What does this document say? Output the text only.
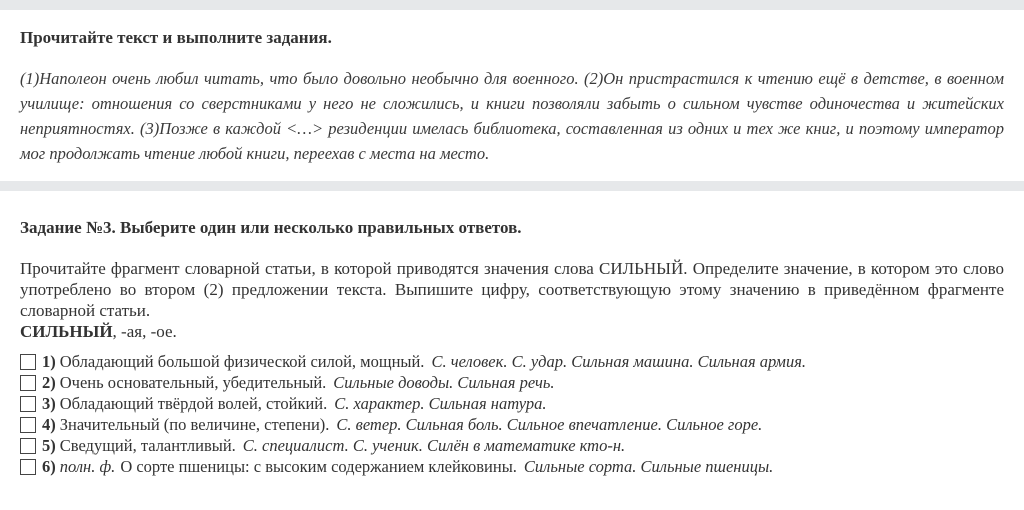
Прочитайте текст и выполните задания.
(1)Наполеон очень любил читать, что было довольно необычно для военного. (2)Он пристрастился к чтению ещё в детстве, в военном училище: отношения со сверстниками у него не сложились, и книги позволяли забыть о сильном чувстве одиночества и житейских неприятностях. (3)Позже в каждой <…> резиденции имелась библиотека, составленная из одних и тех же книг, и поэтому император мог продолжать чтение любой книги, переехав с места на место.
Задание №3. Выберите один или несколько правильных ответов.
Прочитайте фрагмент словарной статьи, в которой приводятся значения слова СИЛЬНЫЙ. Определите значение, в котором это слово употреблено во втором (2) предложении текста. Выпишите цифру, соответствующую этому значению в приведённом фрагменте словарной статьи.
СИЛЬНЫЙ, -ая, -ое.
1) Обладающий большой физической силой, мощный. С. человек. С. удар. Сильная машина. Сильная армия.
2) Очень основательный, убедительный. Сильные доводы. Сильная речь.
3) Обладающий твёрдой волей, стойкий. С. характер. Сильная натура.
4) Значительный (по величине, степени). С. ветер. Сильная боль. Сильное впечатление. Сильное горе.
5) Сведущий, талантливый. С. специалист. С. ученик. Силён в математике кто-н.
6) полн. ф. О сорте пшеницы: с высоким содержанием клейковины. Сильные сорта. Сильные пшеницы.
